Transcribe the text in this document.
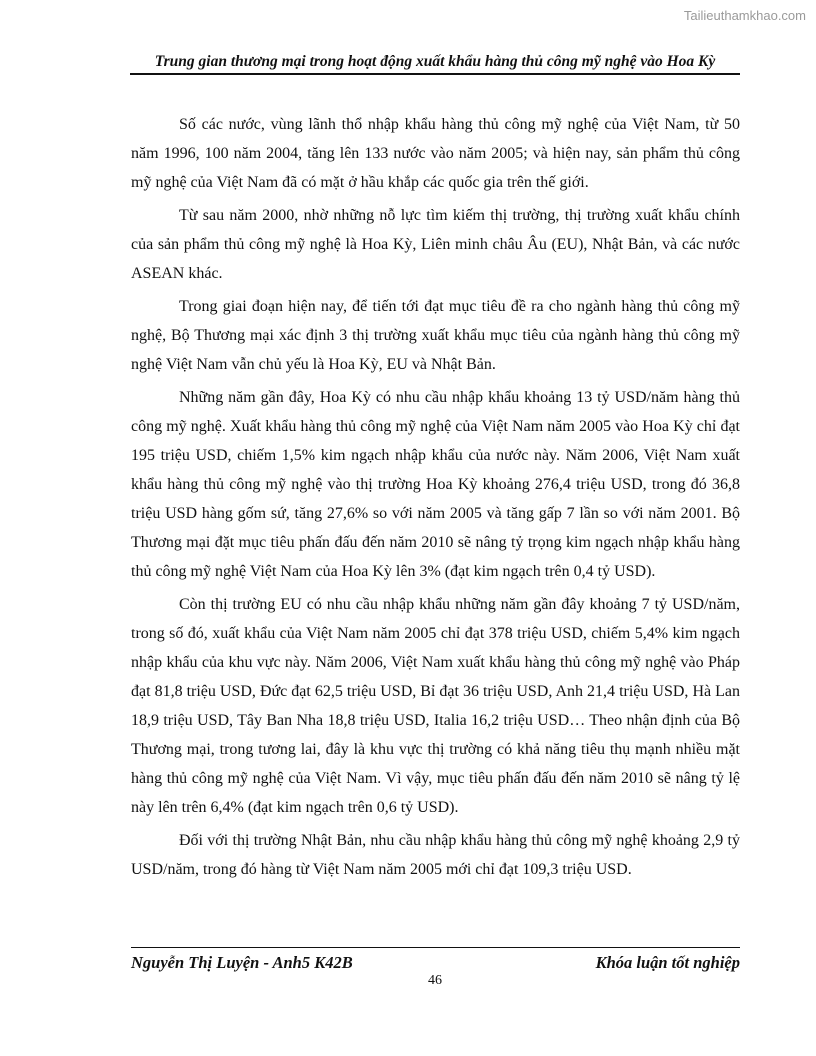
Tailieuthamkhao.com
Trung gian thương mại trong hoạt động xuất khẩu hàng thủ công mỹ nghệ vào Hoa Kỳ

Số các nước, vùng lãnh thổ nhập khẩu hàng thủ công mỹ nghệ của Việt Nam, từ 50 năm 1996, 100 năm 2004, tăng lên 133 nước vào năm 2005; và hiện nay, sản phẩm thủ công mỹ nghệ của Việt Nam đã có mặt ở hầu khắp các quốc gia trên thế giới.

Từ sau năm 2000, nhờ những nỗ lực tìm kiếm thị trường, thị trường xuất khẩu chính của sản phẩm thủ công mỹ nghệ là Hoa Kỳ, Liên minh châu Âu (EU), Nhật Bản, và các nước ASEAN khác.

Trong giai đoạn hiện nay, để tiến tới đạt mục tiêu đề ra cho ngành hàng thủ công mỹ nghệ, Bộ Thương mại xác định 3 thị trường xuất khẩu mục tiêu của ngành hàng thủ công mỹ nghệ Việt Nam vẫn chủ yếu là Hoa Kỳ, EU và Nhật Bản.

Những năm gần đây, Hoa Kỳ có nhu cầu nhập khẩu khoảng 13 tỷ USD/năm hàng thủ công mỹ nghệ. Xuất khẩu hàng thủ công mỹ nghệ của Việt Nam năm 2005 vào Hoa Kỳ chỉ đạt 195 triệu USD, chiếm 1,5% kim ngạch nhập khẩu của nước này. Năm 2006, Việt Nam xuất khẩu hàng thủ công mỹ nghệ vào thị trường Hoa Kỳ khoảng 276,4 triệu USD, trong đó 36,8 triệu USD hàng gốm sứ, tăng 27,6% so với năm 2005 và tăng gấp 7 lần so với năm 2001. Bộ Thương mại đặt mục tiêu phấn đấu đến năm 2010 sẽ nâng tỷ trọng kim ngạch nhập khẩu hàng thủ công mỹ nghệ Việt Nam của Hoa Kỳ lên 3% (đạt kim ngạch trên 0,4 tỷ USD).

Còn thị trường EU có nhu cầu nhập khẩu những năm gần đây khoảng 7 tỷ USD/năm, trong số đó, xuất khẩu của Việt Nam năm 2005 chỉ đạt 378 triệu USD, chiếm 5,4% kim ngạch nhập khẩu của khu vực này. Năm 2006, Việt Nam xuất khẩu hàng thủ công mỹ nghệ vào Pháp đạt 81,8 triệu USD, Đức đạt 62,5 triệu USD, Bỉ đạt 36 triệu USD, Anh 21,4 triệu USD, Hà Lan 18,9 triệu USD, Tây Ban Nha 18,8 triệu USD, Italia 16,2 triệu USD… Theo nhận định của Bộ Thương mại, trong tương lai, đây là khu vực thị trường có khả năng tiêu thụ mạnh nhiều mặt hàng thủ công mỹ nghệ của Việt Nam. Vì vậy, mục tiêu phấn đấu đến năm 2010 sẽ nâng tỷ lệ này lên trên 6,4% (đạt kim ngạch trên 0,6 tỷ USD).

Đối với thị trường Nhật Bản, nhu cầu nhập khẩu hàng thủ công mỹ nghệ khoảng 2,9 tỷ USD/năm, trong đó hàng từ Việt Nam năm 2005 mới chỉ đạt 109,3 triệu USD.

Nguyễn Thị Luyện - Anh5 K42B	Khóa luận tốt nghiệp
46
